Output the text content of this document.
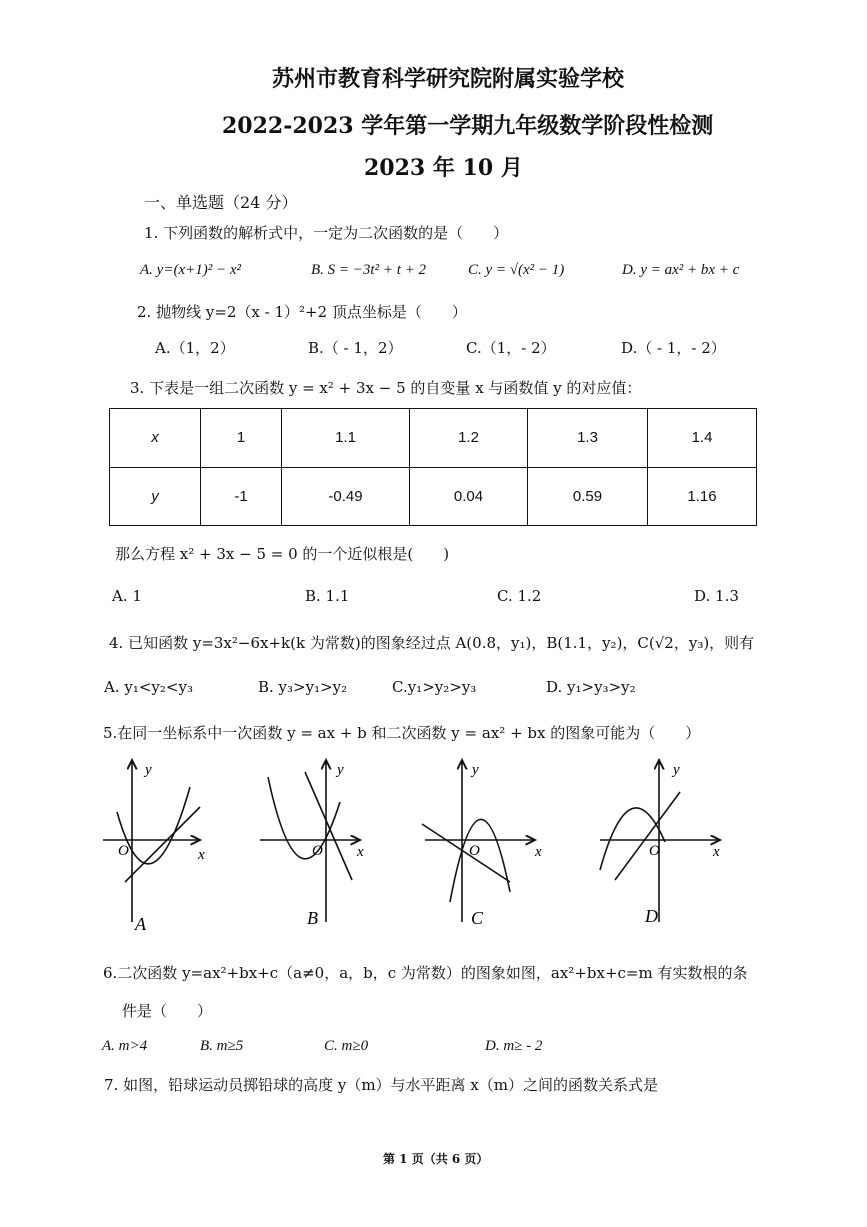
苏州市教育科学研究院附属实验学校
2022-2023 学年第一学期九年级数学阶段性检测
2023 年 10 月
一、单选题（24 分）
1. 下列函数的解析式中，一定为二次函数的是（　　）
A. y=(x+1)² − x²	B. S = −3t² + t + 2	C. y = √(x² − 1)	D. y = ax² + bx + c
2. 抛物线 y=2（x - 1）²+2 顶点坐标是（　　）
A.（1，2）	B.（ - 1，2）	C.（1，- 2）	D.（ - 1，- 2）
3. 下表是一组二次函数 y = x² + 3x − 5 的自变量 x 与函数值 y 的对应值：
x	1	1.1	1.2	1.3	1.4
y	-1	-0.49	0.04	0.59	1.16
那么方程 x² + 3x − 5 = 0 的一个近似根是(　　)
A. 1	B. 1.1	C. 1.2	D. 1.3
4. 已知函数 y=3x²−6x+k(k 为常数)的图象经过点 A(0.8，y₁)，B(1.1，y₂)，C(√2，y₃)，则有
A. y₁<y₂<y₃	B. y₃>y₁>y₂	C.y₁>y₂>y₃	D. y₁>y₃>y₂
5.在同一坐标系中一次函数 y = ax + b 和二次函数 y = ax² + bx 的图象可能为（　　）
y
x
O
A
y
x
O
B
y
x
O
C
y
x
O
D
6.二次函数 y=ax²+bx+c（a≠0，a，b，c 为常数）的图象如图，ax²+bx+c=m 有实数根的条
件是（　　）
A. m>4	B. m≥5	C. m≥0	D. m≥ - 2
7. 如图，铅球运动员掷铅球的高度 y（m）与水平距离 x（m）之间的函数关系式是
第 1 页（共 6 页）
